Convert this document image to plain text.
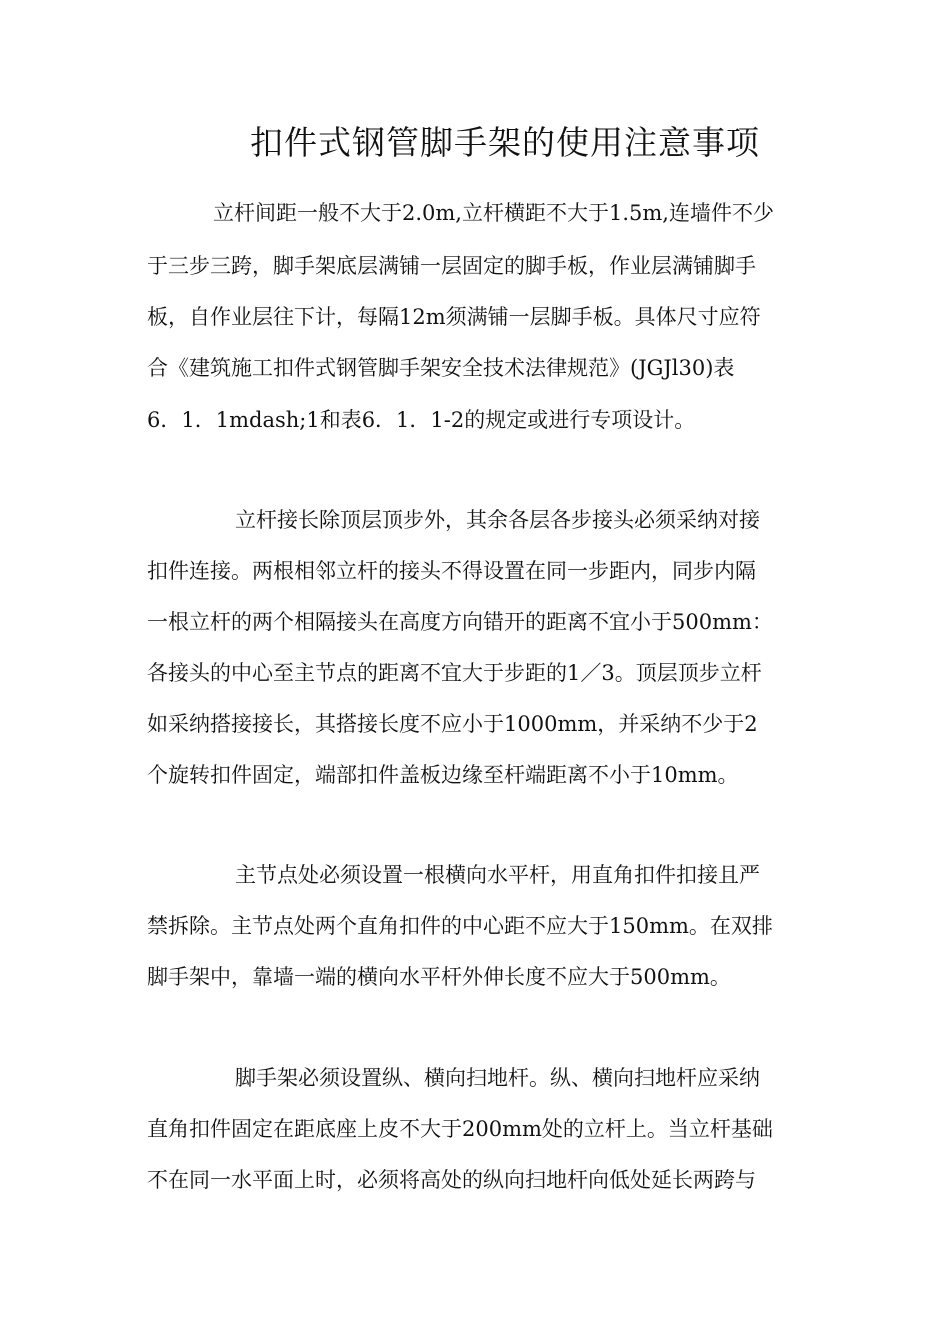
扣件式钢管脚手架的使用注意事项

立杆间距一般不大于2.0m,立杆横距不大于1.5m,连墙件不少

于三步三跨，脚手架底层满铺一层固定的脚手板，作业层满铺脚手

板，自作业层往下计，每隔12m须满铺一层脚手板。具体尺寸应符

合《建筑施工扣件式钢管脚手架安全技术法律规范》(JGJl30)表

6．1．1mdash;1和表6．1．1-2的规定或进行专项设计。

立杆接长除顶层顶步外，其余各层各步接头必须采纳对接

扣件连接。两根相邻立杆的接头不得设置在同一步距内，同步内隔

一根立杆的两个相隔接头在高度方向错开的距离不宜小于500mm：

各接头的中心至主节点的距离不宜大于步距的1／3。顶层顶步立杆

如采纳搭接接长，其搭接长度不应小于1000mm，并采纳不少于2

个旋转扣件固定，端部扣件盖板边缘至杆端距离不小于10mm。

主节点处必须设置一根横向水平杆，用直角扣件扣接且严

禁拆除。主节点处两个直角扣件的中心距不应大于150mm。在双排

脚手架中，靠墙一端的横向水平杆外伸长度不应大于500mm。

脚手架必须设置纵、横向扫地杆。纵、横向扫地杆应采纳

直角扣件固定在距底座上皮不大于200mm处的立杆上。当立杆基础

不在同一水平面上时，必须将高处的纵向扫地杆向低处延长两跨与
